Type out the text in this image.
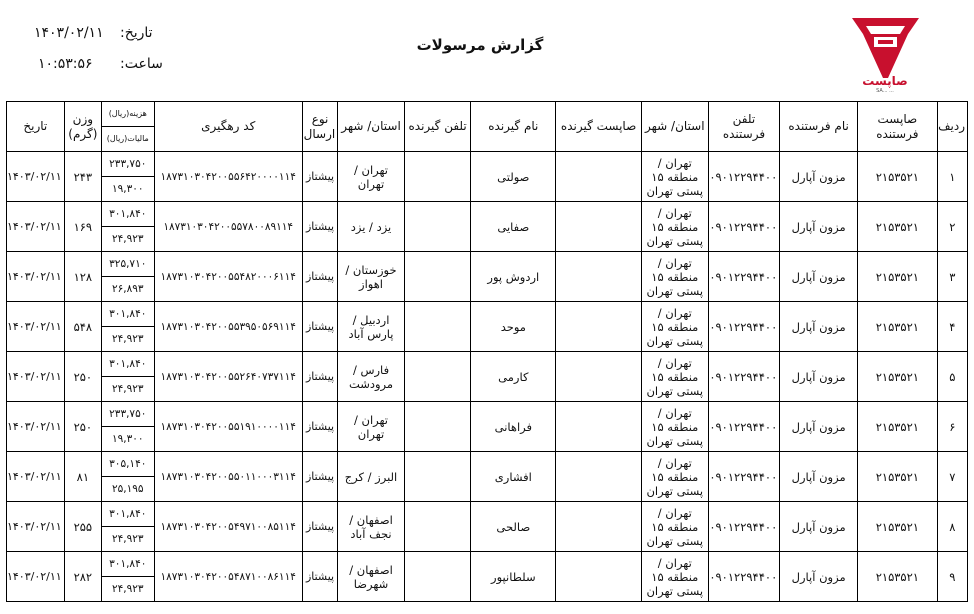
۱۴۰۳/۰۲/۱۱ تاریخ:
۱۰:۵۳:۵۶ ساعت:
گزارش مرسولات
صاپست
SA... ...
ردیف	صاپست فرستنده	نام فرستنده	تلفن فرستنده	استان/ شهر	صاپست گیرنده	نام گیرنده	تلفن گیرنده	استان/ شهر	نوع ارسال	کد رهگیری	هزینه(ریال)
مالیات(ریال)	وزن (گرم)	تاریخ
۱	۲۱۵۳۵۲۱	مزون آپارل	۰۹۰۱۲۲۹۴۴۰۰	تهران / منطقه ۱۵ پستی تهران		صولتی		تهران / تهران	پیشتاز	۱۸۷۳۱۰۳۰۴۲۰۰۵۵۶۴۲۰۰۰۰۱۱۴	۲۳۳,۷۵۰
۱۹,۳۰۰	۲۴۳	۱۴۰۳/۰۲/۱۱
۲	۲۱۵۳۵۲۱	مزون آپارل	۰۹۰۱۲۲۹۴۴۰۰	تهران / منطقه ۱۵ پستی تهران		صفایی		یزد / یزد	پیشتاز	۱۸۷۳۱۰۳۰۴۲۰۰۵۵۷۸۰۰۸۹۱۱۴	۳۰۱,۸۴۰
۲۴,۹۲۳	۱۶۹	۱۴۰۳/۰۲/۱۱
۳	۲۱۵۳۵۲۱	مزون آپارل	۰۹۰۱۲۲۹۴۴۰۰	تهران / منطقه ۱۵ پستی تهران		اردوش پور		خوزستان / اهواز	پیشتاز	۱۸۷۳۱۰۳۰۴۲۰۰۵۵۴۸۲۰۰۰۶۱۱۴	۳۲۵,۷۱۰
۲۶,۸۹۳	۱۲۸	۱۴۰۳/۰۲/۱۱
۴	۲۱۵۳۵۲۱	مزون آپارل	۰۹۰۱۲۲۹۴۴۰۰	تهران / منطقه ۱۵ پستی تهران		موحد		اردبیل / پارس آباد	پیشتاز	۱۸۷۳۱۰۳۰۴۲۰۰۵۵۳۹۵۰۵۶۹۱۱۴	۳۰۱,۸۴۰
۲۴,۹۲۳	۵۴۸	۱۴۰۳/۰۲/۱۱
۵	۲۱۵۳۵۲۱	مزون آپارل	۰۹۰۱۲۲۹۴۴۰۰	تهران / منطقه ۱۵ پستی تهران		کارمی		فارس / مرودشت	پیشتاز	۱۸۷۳۱۰۳۰۴۲۰۰۵۵۲۶۴۰۷۳۷۱۱۴	۳۰۱,۸۴۰
۲۴,۹۲۳	۲۵۰	۱۴۰۳/۰۲/۱۱
۶	۲۱۵۳۵۲۱	مزون آپارل	۰۹۰۱۲۲۹۴۴۰۰	تهران / منطقه ۱۵ پستی تهران		فراهانی		تهران / تهران	پیشتاز	۱۸۷۳۱۰۳۰۴۲۰۰۵۵۱۹۱۰۰۰۰۱۱۴	۲۳۳,۷۵۰
۱۹,۳۰۰	۲۵۰	۱۴۰۳/۰۲/۱۱
۷	۲۱۵۳۵۲۱	مزون آپارل	۰۹۰۱۲۲۹۴۴۰۰	تهران / منطقه ۱۵ پستی تهران		افشاری		البرز / کرج	پیشتاز	۱۸۷۳۱۰۳۰۴۲۰۰۵۵۰۱۱۰۰۰۳۱۱۴	۳۰۵,۱۴۰
۲۵,۱۹۵	۸۱	۱۴۰۳/۰۲/۱۱
۸	۲۱۵۳۵۲۱	مزون آپارل	۰۹۰۱۲۲۹۴۴۰۰	تهران / منطقه ۱۵ پستی تهران		صالحی		اصفهان / نجف آباد	پیشتاز	۱۸۷۳۱۰۳۰۴۲۰۰۵۴۹۷۱۰۰۸۵۱۱۴	۳۰۱,۸۴۰
۲۴,۹۲۳	۲۵۵	۱۴۰۳/۰۲/۱۱
۹	۲۱۵۳۵۲۱	مزون آپارل	۰۹۰۱۲۲۹۴۴۰۰	تهران / منطقه ۱۵ پستی تهران		سلطانپور		اصفهان / شهرضا	پیشتاز	۱۸۷۳۱۰۳۰۴۲۰۰۵۴۸۷۱۰۰۸۶۱۱۴	۳۰۱,۸۴۰
۲۴,۹۲۳	۲۸۲	۱۴۰۳/۰۲/۱۱
